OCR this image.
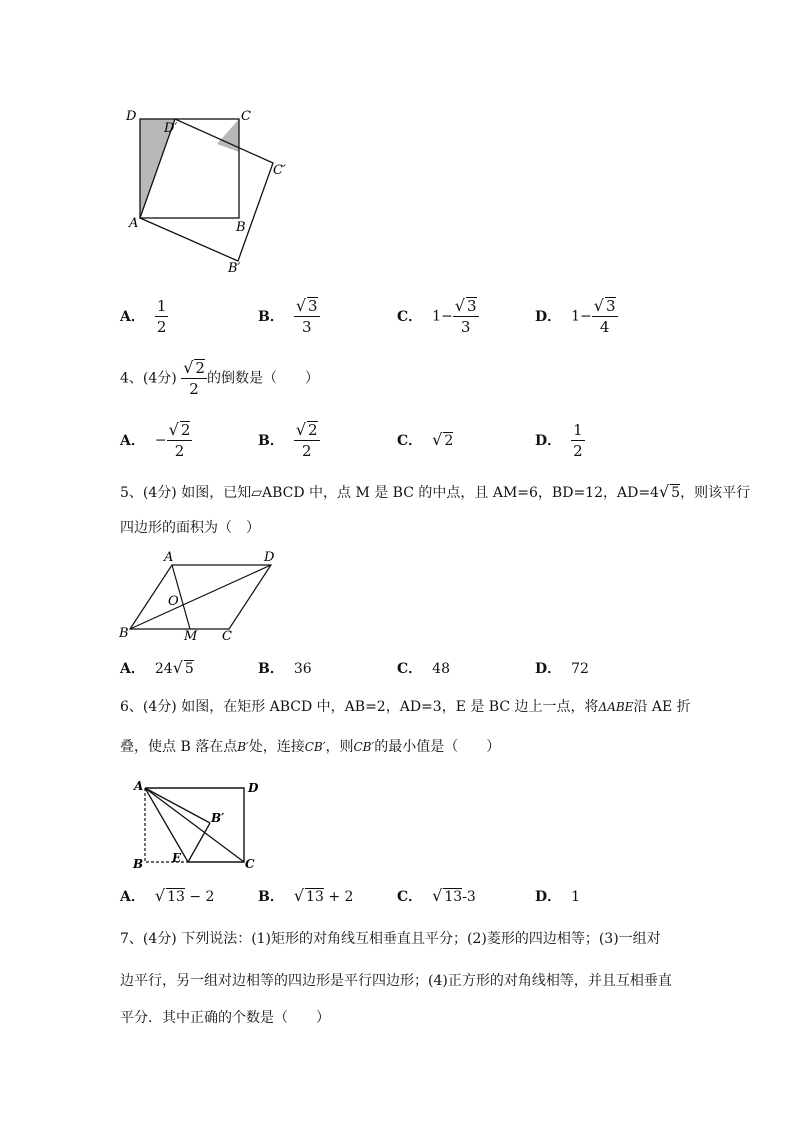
D	C
D′
C′
A	B
B′
A． $\frac{1}{2}$	B． $\frac{√ 3}{3}$	C． $1- \frac{√ 3}{3}$	D． $1- \frac{√ 3}{4}$
4、(4分) $\frac{√ 2}{2}$ 的倒数是（　　）
A． − $\frac{√ 2}{2}$	B． $\frac{√ 2}{2}$	C． √ 2	D． $\frac{1}{2}$
5、(4分) 如图，已知▱ABCD 中，点 M 是 BC 的中点，且 AM=6，BD=12，AD=4√ 5，则该平行
四边形的面积为（　）
A	D
O
B	M C
A． 24√ 5	B． 36	C． 48	D． 72
6、(4分) 如图，在矩形 ABCD 中，AB=2，AD=3，E 是 BC 边上一点，将ΔABE沿 AE 折
叠，使点 B 落在点B′处，连接CB′，则CB′的最小值是（　　）
A	D
B′
B E	C
A． √ 13 − 2	B． √ 13 + 2	C． √ 13-3	D． 1
7、(4分) 下列说法：(1)矩形的对角线互相垂直且平分；(2)菱形的四边相等；(3)一组对
边平行，另一组对边相等的四边形是平行四边形；(4)正方形的对角线相等，并且互相垂直
平分．其中正确的个数是（　　）
